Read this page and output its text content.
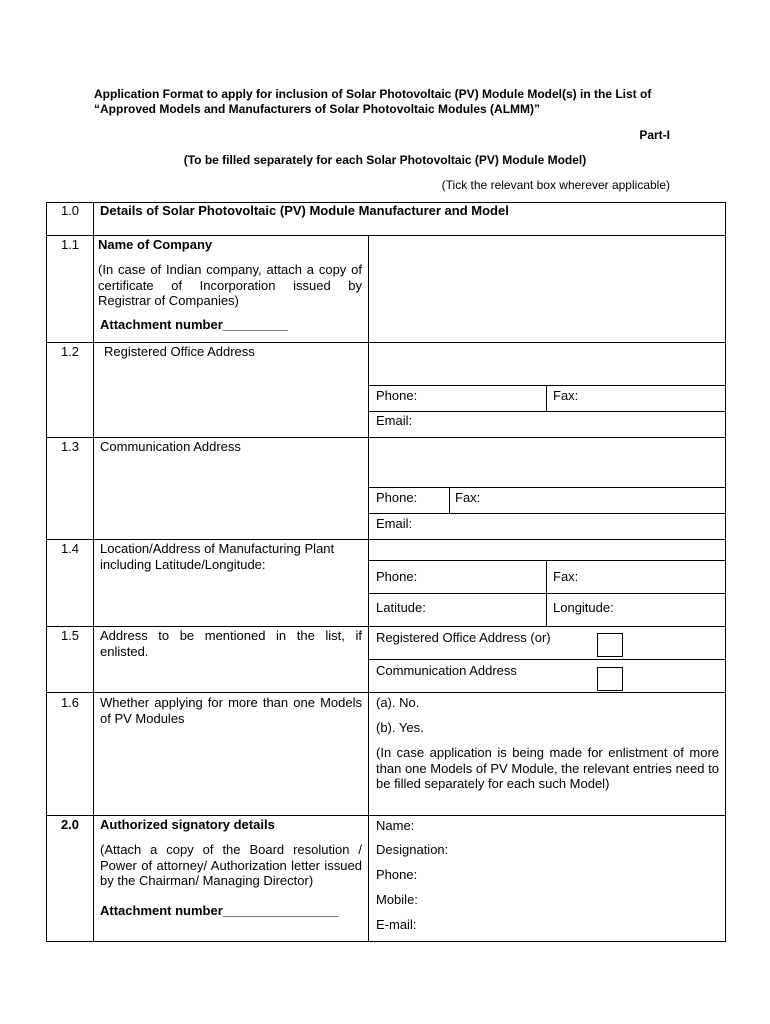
Application Format to apply for inclusion of Solar Photovoltaic (PV) Module Model(s) in the List of “Approved Models and Manufacturers of Solar Photovoltaic Modules (ALMM)”
Part-I
(To be filled separately for each Solar Photovoltaic (PV) Module Model)
(Tick the relevant box wherever applicable)
1.0	Details of Solar Photovoltaic (PV) Module Manufacturer and Model
1.1	Name of Company
(In case of Indian company, attach a copy of certificate of Incorporation issued by Registrar of Companies)
Attachment number_________
1.2	Registered Office Address
Phone:	Fax:
Email:
1.3	Communication Address
Phone:	Fax:
Email:
1.4	Location/Address of Manufacturing Plant including Latitude/Longitude:
Phone:	Fax:
Latitude:	Longitude:
1.5	Address to be mentioned in the list, if enlisted.
Registered Office Address (or)
Communication Address
1.6	Whether applying for more than one Models of PV Modules
(a). No.
(b). Yes.
(In case application is being made for enlistment of more than one Models of PV Module, the relevant entries need to be filled separately for each such Model)
2.0	Authorized signatory details
(Attach a copy of the Board resolution / Power of attorney/ Authorization letter issued by the Chairman/ Managing Director)
Attachment number________________
Name:
Designation:
Phone:
Mobile:
E-mail:
